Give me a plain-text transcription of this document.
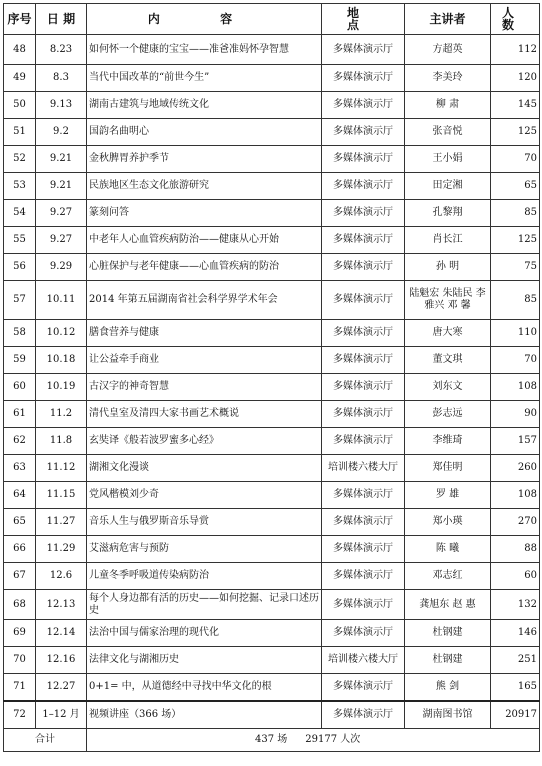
序号	日 期	内 容	地 点	主讲者	人 数
48	8.23	如何怀一个健康的宝宝——准爸准妈怀孕智慧	多媒体演示厅	方超英	112
49	8.3	当代中国改革的“前世今生”	多媒体演示厅	李美玲	120
50	9.13	湖南古建筑与地域传统文化	多媒体演示厅	柳 肃	145
51	9.2	国韵名曲明心	多媒体演示厅	张音悦	125
52	9.21	金秋脾胃养护季节	多媒体演示厅	王小娟	70
53	9.21	民族地区生态文化旅游研究	多媒体演示厅	田定湘	65
54	9.27	篆刻问答	多媒体演示厅	孔黎翔	85
55	9.27	中老年人心血管疾病防治——健康从心开始	多媒体演示厅	肖长江	125
56	9.29	心脏保护与老年健康——心血管疾病的防治	多媒体演示厅	孙 明	75
57	10.11	2014 年第五届湖南省社会科学界学术年会	多媒体演示厅	陆魁宏 朱陆民 李雅兴 邓 馨	85
58	10.12	膳食营养与健康	多媒体演示厅	唐大寒	110
59	10.18	让公益牵手商业	多媒体演示厅	董文琪	70
60	10.19	古汉字的神奇智慧	多媒体演示厅	刘东文	108
61	11.2	清代皇室及清四大家书画艺术概说	多媒体演示厅	彭志远	90
62	11.8	玄奘译《般若波罗蜜多心经》	多媒体演示厅	李维琦	157
63	11.12	湖湘文化漫谈	培训楼六楼大厅	郑佳明	260
64	11.15	党风楷模刘少奇	多媒体演示厅	罗 雄	108
65	11.27	音乐人生与俄罗斯音乐导赏	多媒体演示厅	郑小瑛	270
66	11.29	艾滋病危害与预防	多媒体演示厅	陈 曦	88
67	12.6	儿童冬季呼吸道传染病防治	多媒体演示厅	邓志红	60
68	12.13	每个人身边都有活的历史——如何挖掘、记录口述历史	多媒体演示厅	龚旭东 赵 惠	132
69	12.14	法治中国与儒家治理的现代化	多媒体演示厅	杜钢建	146
70	12.16	法律文化与湖湘历史	培训楼六楼大厅	杜钢建	251
71	12.27	0+1= 中，从道德经中寻找中华文化的根	多媒体演示厅	熊 剑	165
72	1–12 月	视频讲座（366 场）	多媒体演示厅	湖南图书馆	20917
合计		437 场 29177 人次			
